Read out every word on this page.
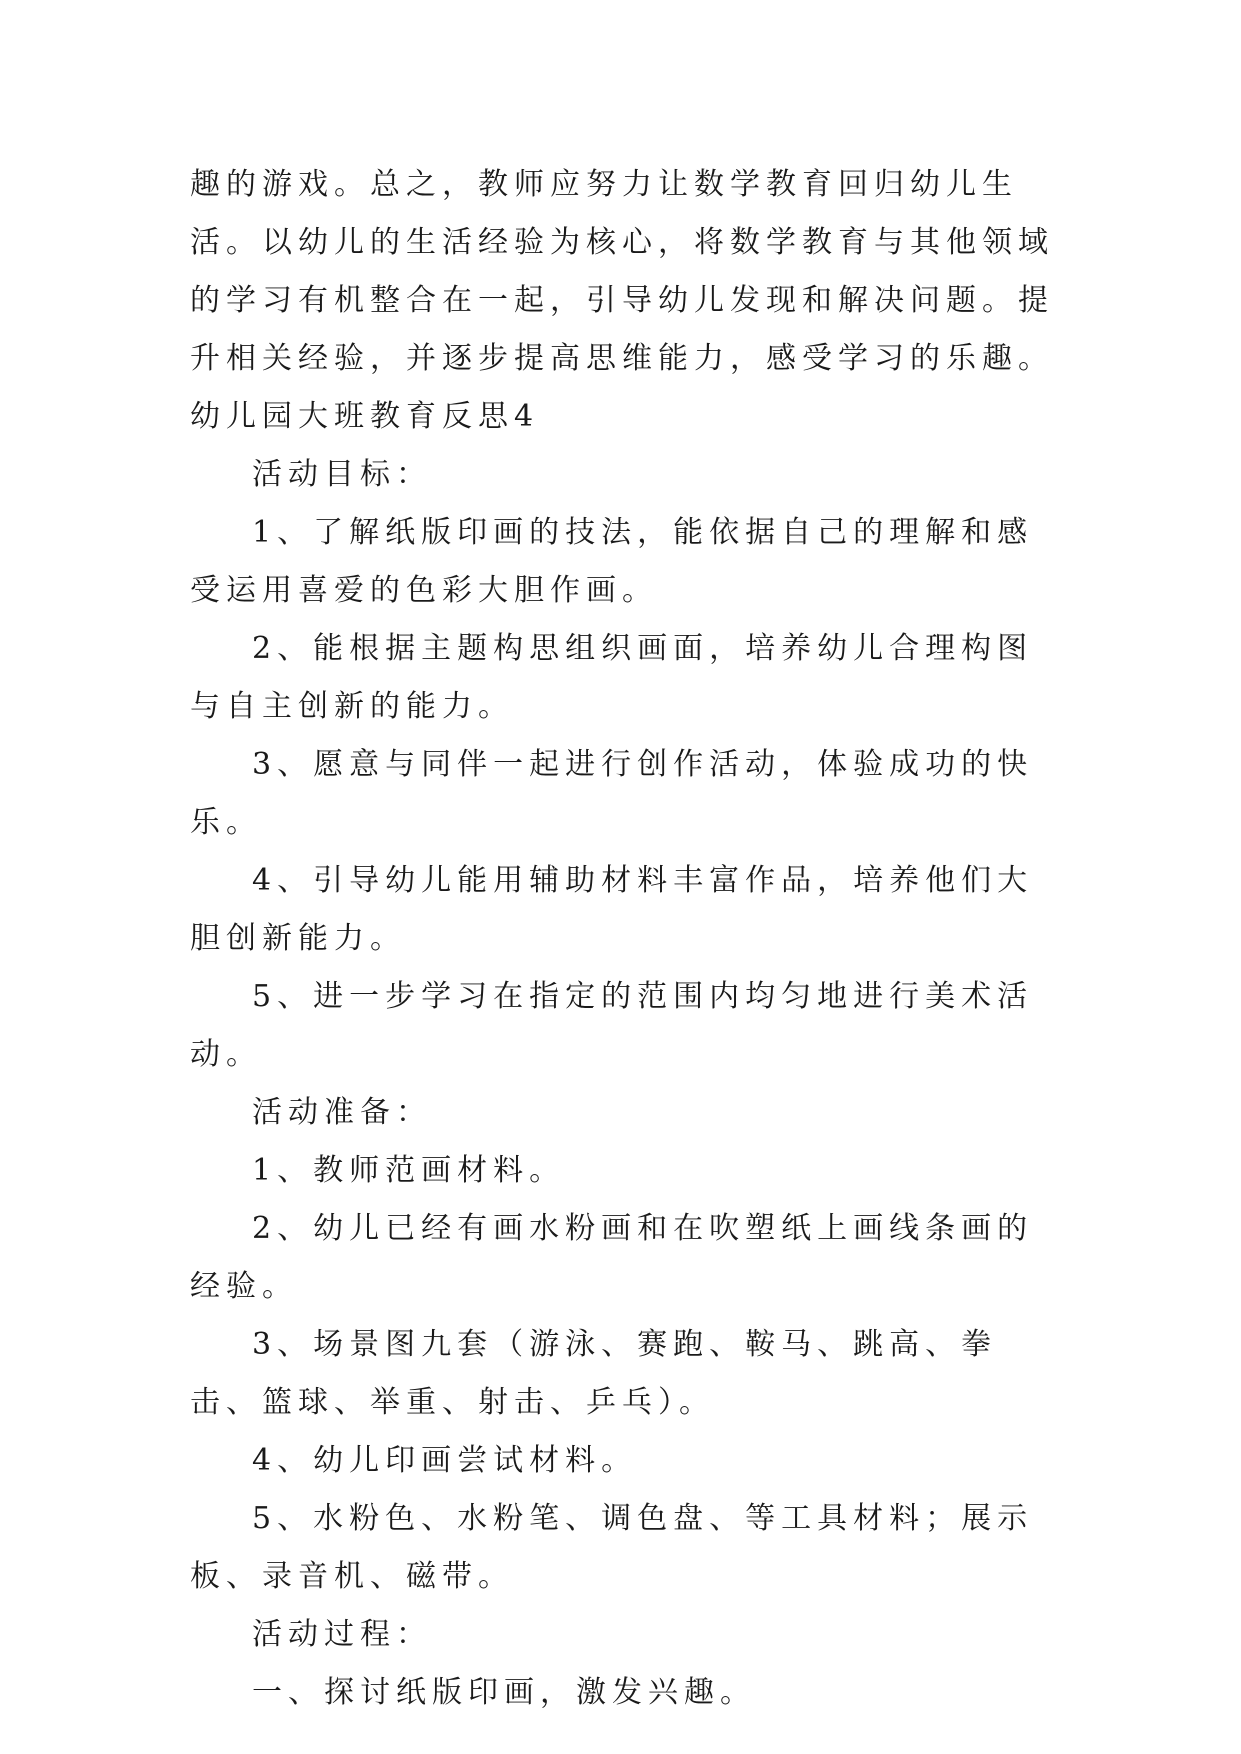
趣的游戏。总之，教师应努力让数学教育回归幼儿生活。以幼儿的生活经验为核心，将数学教育与其他领域的学习有机整合在一起，引导幼儿发现和解决问题。提升相关经验，并逐步提高思维能力，感受学习的乐趣。

幼儿园大班教育反思4

活动目标：

1、了解纸版印画的技法，能依据自己的理解和感受运用喜爱的色彩大胆作画。

2、能根据主题构思组织画面，培养幼儿合理构图与自主创新的能力。

3、愿意与同伴一起进行创作活动，体验成功的快乐。

4、引导幼儿能用辅助材料丰富作品，培养他们大胆创新能力。

5、进一步学习在指定的范围内均匀地进行美术活动。

活动准备：

1、教师范画材料。

2、幼儿已经有画水粉画和在吹塑纸上画线条画的经验。

3、场景图九套（游泳、赛跑、鞍马、跳高、拳击、篮球、举重、射击、乒乓）。

4、幼儿印画尝试材料。

5、水粉色、水粉笔、调色盘、等工具材料；展示板、录音机、磁带。

活动过程：

一、探讨纸版印画，激发兴趣。
